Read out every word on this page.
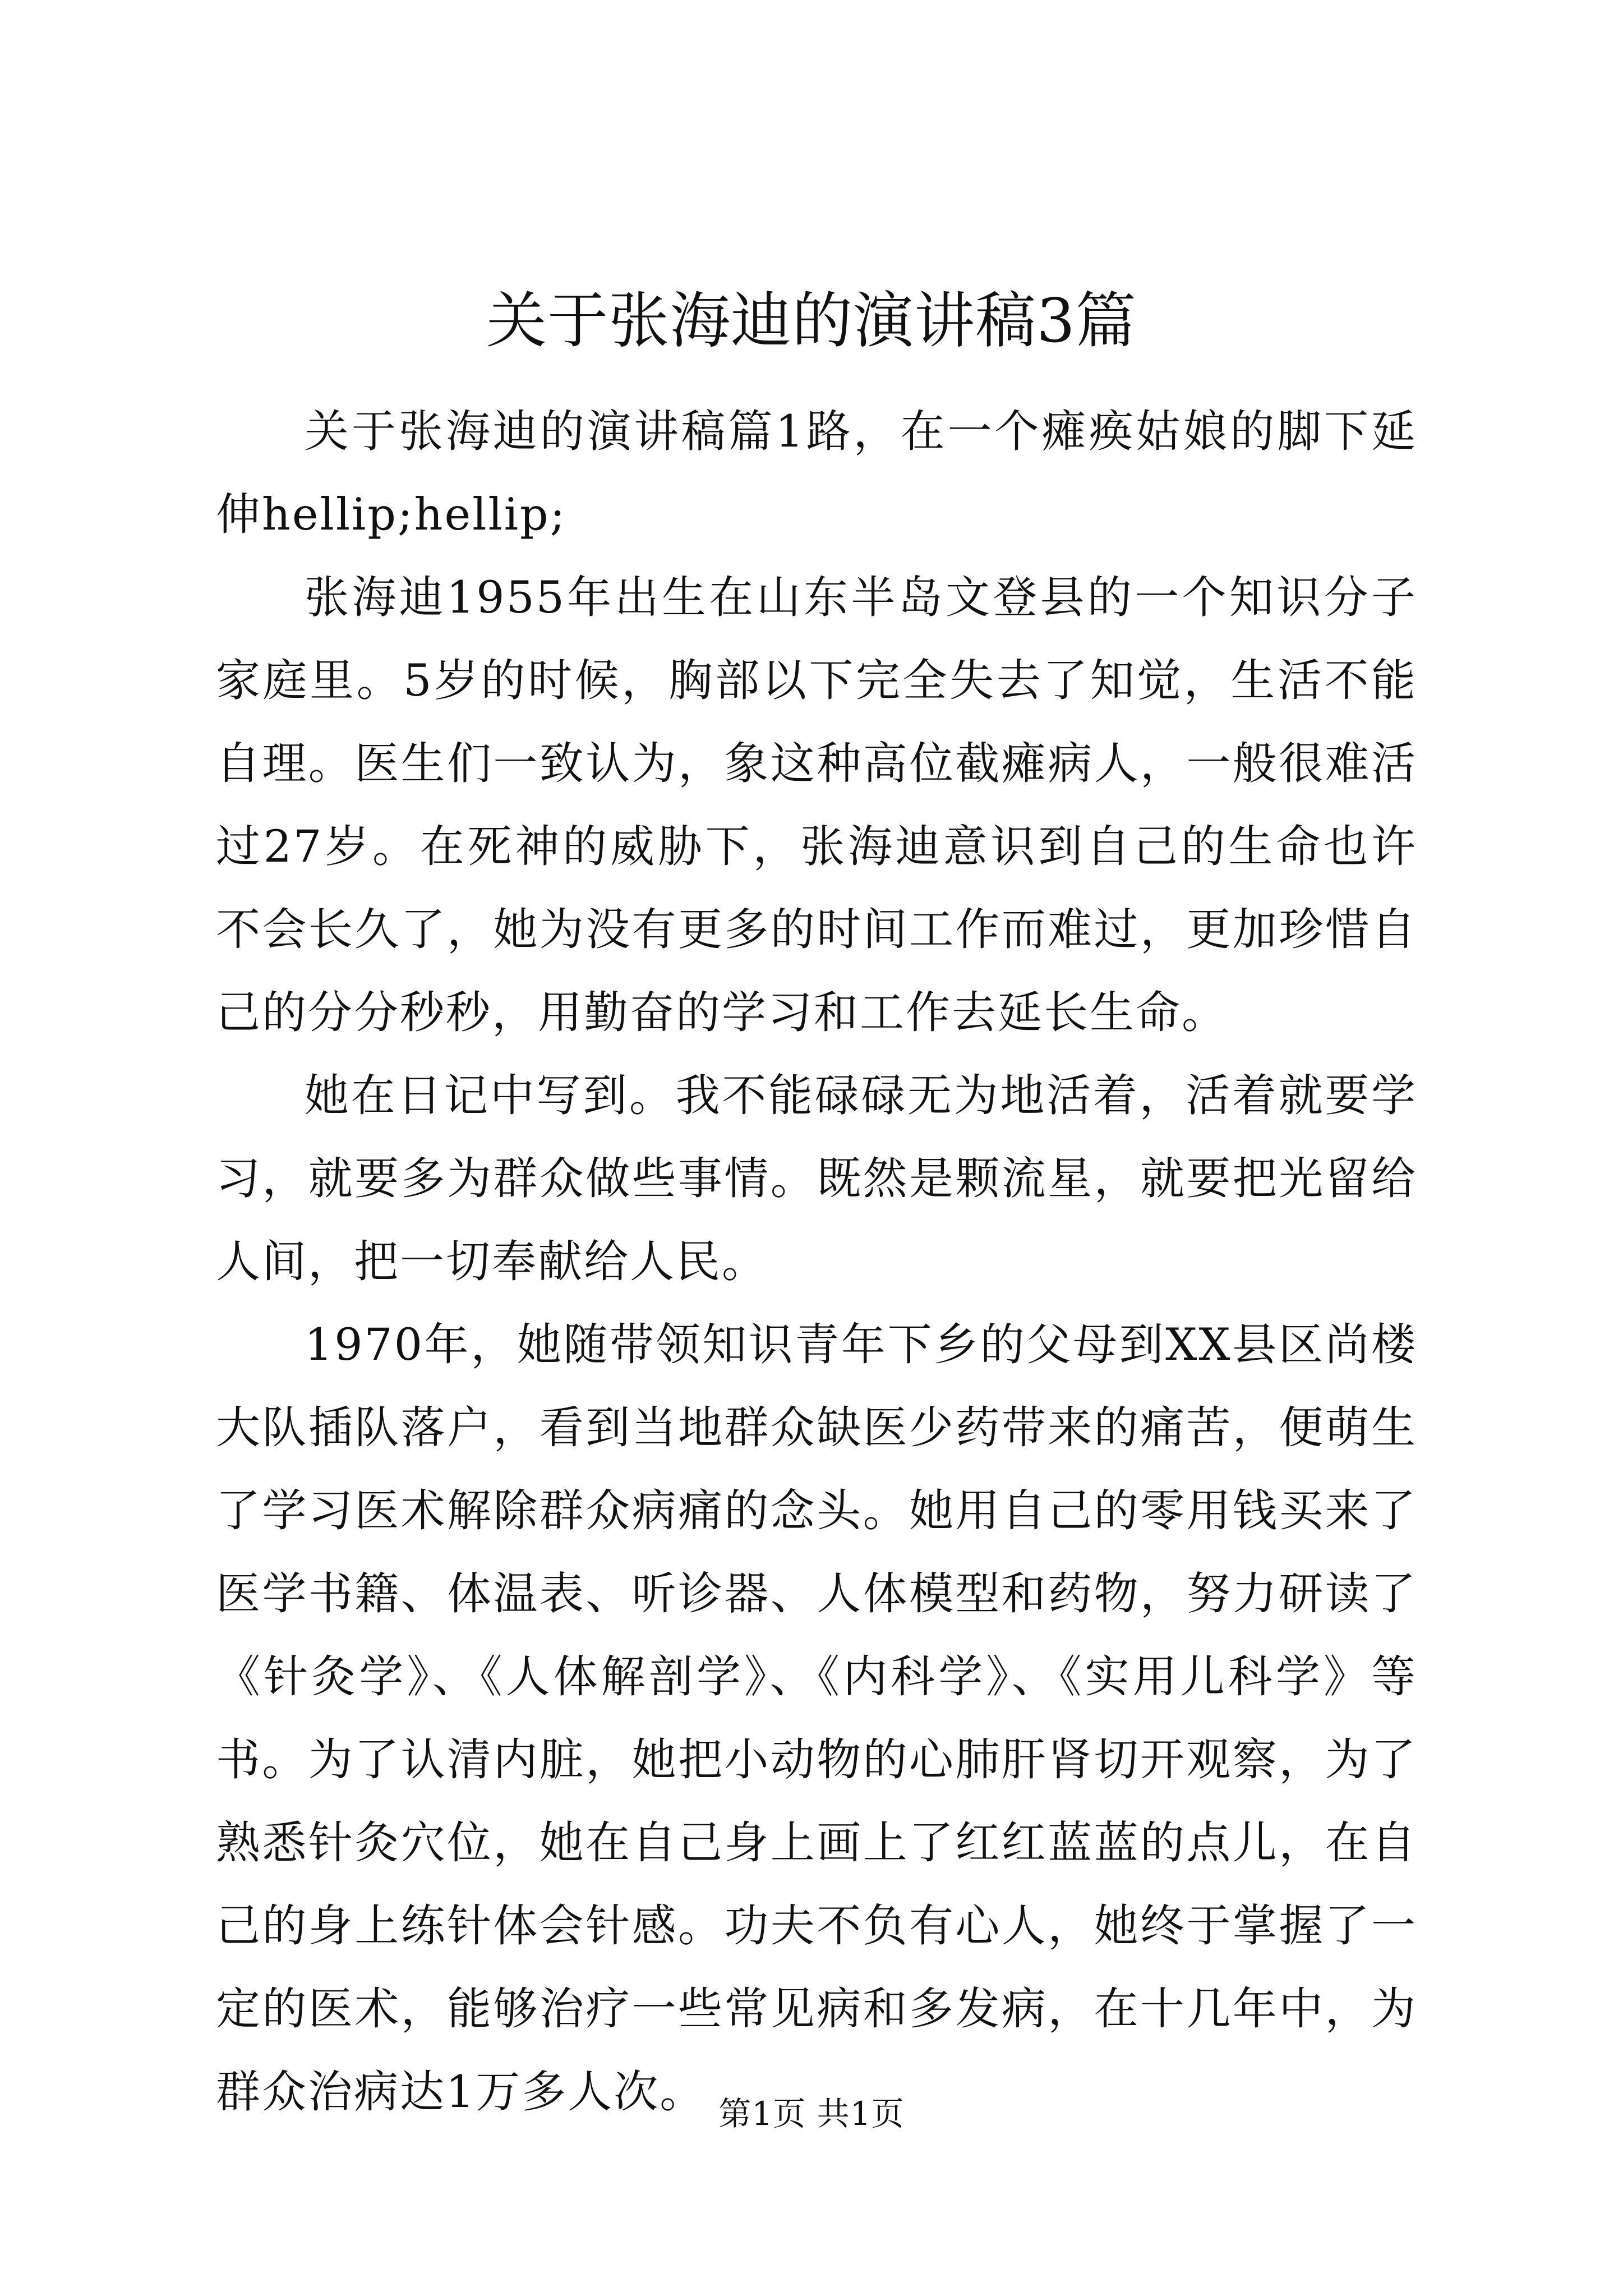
关于张海迪的演讲稿3篇

关于张海迪的演讲稿篇1路，在一个瘫痪姑娘的脚下延伸hellip;hellip;

张海迪1955年出生在山东半岛文登县的一个知识分子家庭里。5岁的时候，胸部以下完全失去了知觉，生活不能自理。医生们一致认为，象这种高位截瘫病人，一般很难活过27岁。在死神的威胁下，张海迪意识到自己的生命也许不会长久了，她为没有更多的时间工作而难过，更加珍惜自己的分分秒秒，用勤奋的学习和工作去延长生命。

她在日记中写到。我不能碌碌无为地活着，活着就要学习，就要多为群众做些事情。既然是颗流星，就要把光留给人间，把一切奉献给人民。

1970年，她随带领知识青年下乡的父母到XX县区尚楼大队插队落户，看到当地群众缺医少药带来的痛苦，便萌生了学习医术解除群众病痛的念头。她用自己的零用钱买来了医学书籍、体温表、听诊器、人体模型和药物，努力研读了《针灸学》、《人体解剖学》、《内科学》、《实用儿科学》等书。为了认清内脏，她把小动物的心肺肝肾切开观察，为了熟悉针灸穴位，她在自己身上画上了红红蓝蓝的点儿，在自己的身上练针体会针感。功夫不负有心人，她终于掌握了一定的医术，能够治疗一些常见病和多发病，在十几年中，为群众治病达1万多人次。 第1页 共1页
